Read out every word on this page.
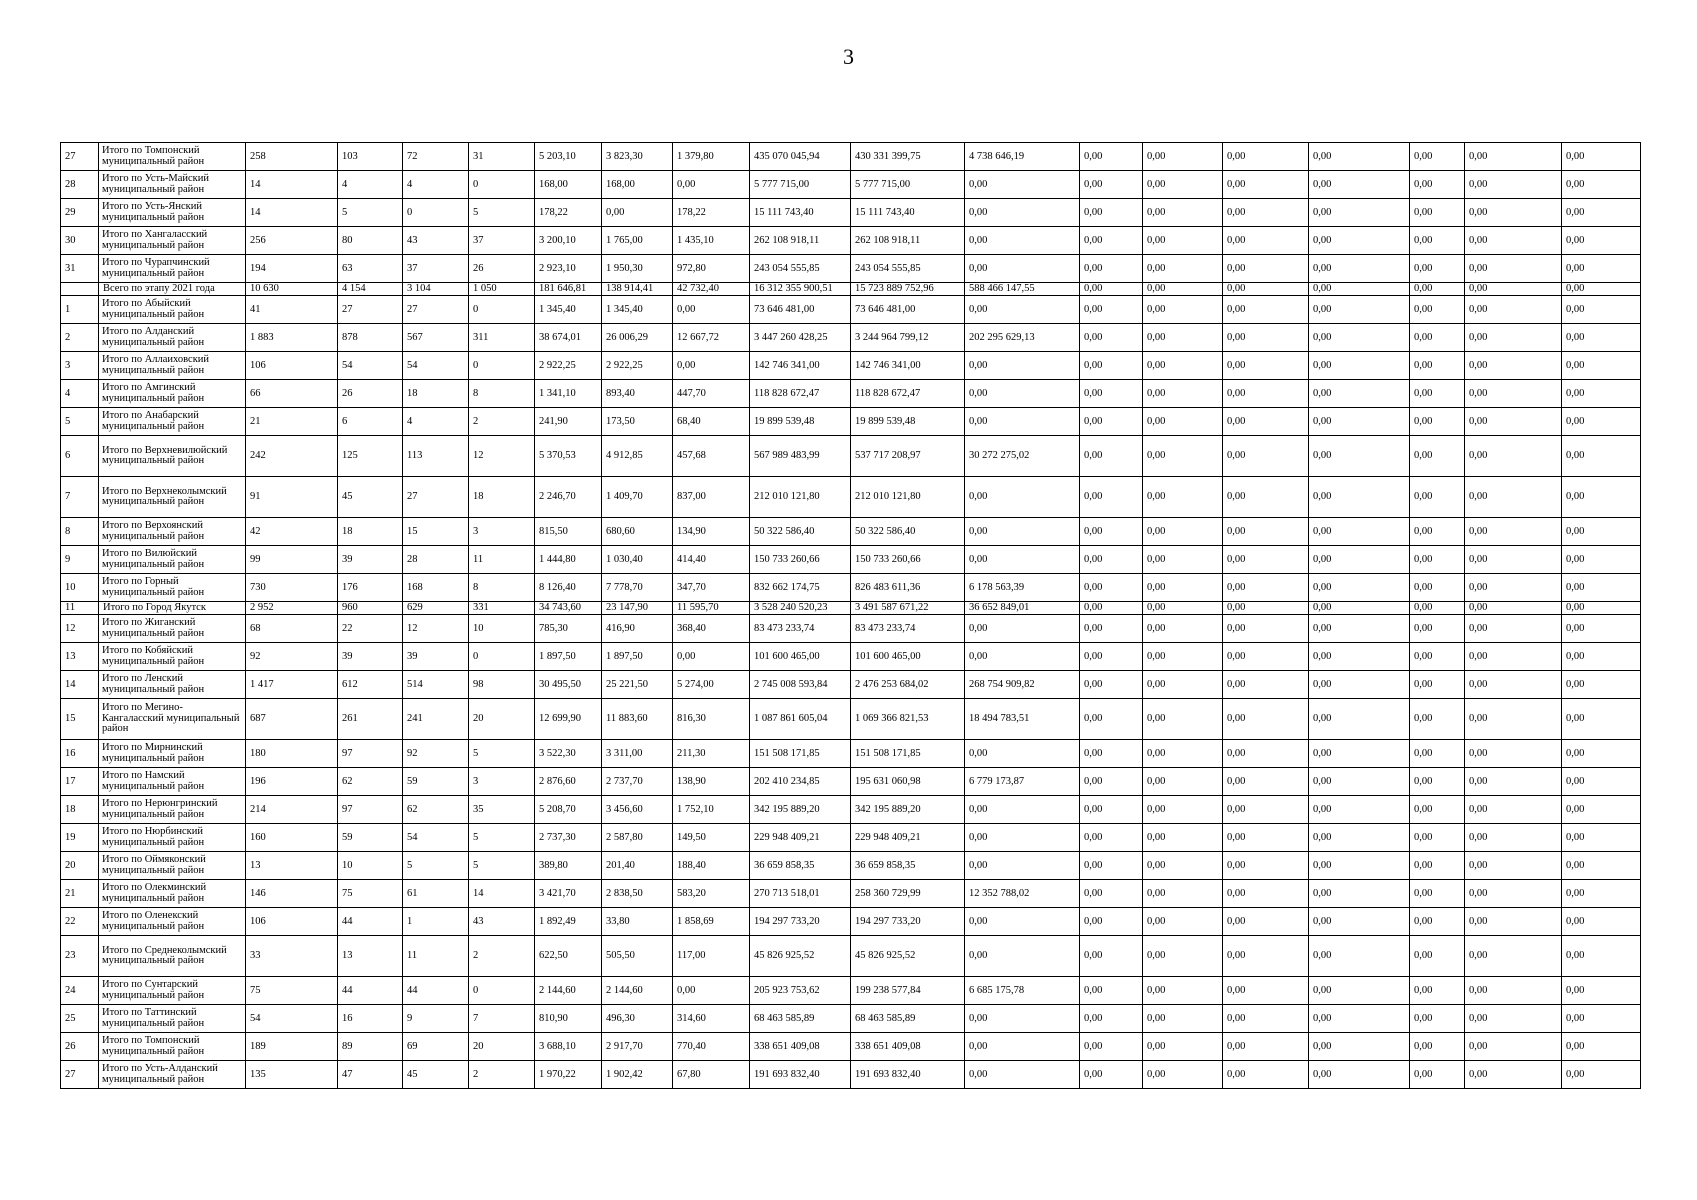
3
27	Итого по Томпонский муниципальный район	258	103	72	31	5 203,10	3 823,30	1 379,80	435 070 045,94	430 331 399,75	4 738 646,19	0,00	0,00	0,00	0,00	0,00	0,00	0,00
28	Итого по Усть-Майский муниципальный район	14	4	4	0	168,00	168,00	0,00	5 777 715,00	5 777 715,00	0,00	0,00	0,00	0,00	0,00	0,00	0,00	0,00
29	Итого по Усть-Янский муниципальный район	14	5	0	5	178,22	0,00	178,22	15 111 743,40	15 111 743,40	0,00	0,00	0,00	0,00	0,00	0,00	0,00	0,00
30	Итого по Хангаласский муниципальный район	256	80	43	37	3 200,10	1 765,00	1 435,10	262 108 918,11	262 108 918,11	0,00	0,00	0,00	0,00	0,00	0,00	0,00	0,00
31	Итого по Чурапчинский муниципальный район	194	63	37	26	2 923,10	1 950,30	972,80	243 054 555,85	243 054 555,85	0,00	0,00	0,00	0,00	0,00	0,00	0,00	0,00
	Всего по этапу 2021 года	10 630	4 154	3 104	1 050	181 646,81	138 914,41	42 732,40	16 312 355 900,51	15 723 889 752,96	588 466 147,55	0,00	0,00	0,00	0,00	0,00	0,00	0,00
1	Итого по Абыйский муниципальный район	41	27	27	0	1 345,40	1 345,40	0,00	73 646 481,00	73 646 481,00	0,00	0,00	0,00	0,00	0,00	0,00	0,00	0,00
2	Итого по Алданский муниципальный район	1 883	878	567	311	38 674,01	26 006,29	12 667,72	3 447 260 428,25	3 244 964 799,12	202 295 629,13	0,00	0,00	0,00	0,00	0,00	0,00	0,00
3	Итого по Аллаиховский муниципальный район	106	54	54	0	2 922,25	2 922,25	0,00	142 746 341,00	142 746 341,00	0,00	0,00	0,00	0,00	0,00	0,00	0,00	0,00
4	Итого по Амгинский муниципальный район	66	26	18	8	1 341,10	893,40	447,70	118 828 672,47	118 828 672,47	0,00	0,00	0,00	0,00	0,00	0,00	0,00	0,00
5	Итого по Анабарский муниципальный район	21	6	4	2	241,90	173,50	68,40	19 899 539,48	19 899 539,48	0,00	0,00	0,00	0,00	0,00	0,00	0,00	0,00
6	Итого по Верхневилюйский муниципальный район	242	125	113	12	5 370,53	4 912,85	457,68	567 989 483,99	537 717 208,97	30 272 275,02	0,00	0,00	0,00	0,00	0,00	0,00	0,00
7	Итого по Верхнеколымский муниципальный район	91	45	27	18	2 246,70	1 409,70	837,00	212 010 121,80	212 010 121,80	0,00	0,00	0,00	0,00	0,00	0,00	0,00	0,00
8	Итого по Верхоянский муниципальный район	42	18	15	3	815,50	680,60	134,90	50 322 586,40	50 322 586,40	0,00	0,00	0,00	0,00	0,00	0,00	0,00	0,00
9	Итого по Вилюйский муниципальный район	99	39	28	11	1 444,80	1 030,40	414,40	150 733 260,66	150 733 260,66	0,00	0,00	0,00	0,00	0,00	0,00	0,00	0,00
10	Итого по Горный муниципальный район	730	176	168	8	8 126,40	7 778,70	347,70	832 662 174,75	826 483 611,36	6 178 563,39	0,00	0,00	0,00	0,00	0,00	0,00	0,00
11	Итого по Город Якутск	2 952	960	629	331	34 743,60	23 147,90	11 595,70	3 528 240 520,23	3 491 587 671,22	36 652 849,01	0,00	0,00	0,00	0,00	0,00	0,00	0,00
12	Итого по Жиганский муниципальный район	68	22	12	10	785,30	416,90	368,40	83 473 233,74	83 473 233,74	0,00	0,00	0,00	0,00	0,00	0,00	0,00	0,00
13	Итого по Кобяйский муниципальный район	92	39	39	0	1 897,50	1 897,50	0,00	101 600 465,00	101 600 465,00	0,00	0,00	0,00	0,00	0,00	0,00	0,00	0,00
14	Итого по Ленский муниципальный район	1 417	612	514	98	30 495,50	25 221,50	5 274,00	2 745 008 593,84	2 476 253 684,02	268 754 909,82	0,00	0,00	0,00	0,00	0,00	0,00	0,00
15	Итого по Мегино-Кангаласский муниципальный район	687	261	241	20	12 699,90	11 883,60	816,30	1 087 861 605,04	1 069 366 821,53	18 494 783,51	0,00	0,00	0,00	0,00	0,00	0,00	0,00
16	Итого по Мирнинский муниципальный район	180	97	92	5	3 522,30	3 311,00	211,30	151 508 171,85	151 508 171,85	0,00	0,00	0,00	0,00	0,00	0,00	0,00	0,00
17	Итого по Намский муниципальный район	196	62	59	3	2 876,60	2 737,70	138,90	202 410 234,85	195 631 060,98	6 779 173,87	0,00	0,00	0,00	0,00	0,00	0,00	0,00
18	Итого по Нерюнгринский муниципальный район	214	97	62	35	5 208,70	3 456,60	1 752,10	342 195 889,20	342 195 889,20	0,00	0,00	0,00	0,00	0,00	0,00	0,00	0,00
19	Итого по Нюрбинский муниципальный район	160	59	54	5	2 737,30	2 587,80	149,50	229 948 409,21	229 948 409,21	0,00	0,00	0,00	0,00	0,00	0,00	0,00	0,00
20	Итого по Оймяконский муниципальный район	13	10	5	5	389,80	201,40	188,40	36 659 858,35	36 659 858,35	0,00	0,00	0,00	0,00	0,00	0,00	0,00	0,00
21	Итого по Олекминский муниципальный район	146	75	61	14	3 421,70	2 838,50	583,20	270 713 518,01	258 360 729,99	12 352 788,02	0,00	0,00	0,00	0,00	0,00	0,00	0,00
22	Итого по Оленекский муниципальный район	106	44	1	43	1 892,49	33,80	1 858,69	194 297 733,20	194 297 733,20	0,00	0,00	0,00	0,00	0,00	0,00	0,00	0,00
23	Итого по Среднеколымский муниципальный район	33	13	11	2	622,50	505,50	117,00	45 826 925,52	45 826 925,52	0,00	0,00	0,00	0,00	0,00	0,00	0,00	0,00
24	Итого по Сунтарский муниципальный район	75	44	44	0	2 144,60	2 144,60	0,00	205 923 753,62	199 238 577,84	6 685 175,78	0,00	0,00	0,00	0,00	0,00	0,00	0,00
25	Итого по Таттинский муниципальный район	54	16	9	7	810,90	496,30	314,60	68 463 585,89	68 463 585,89	0,00	0,00	0,00	0,00	0,00	0,00	0,00	0,00
26	Итого по Томпонский муниципальный район	189	89	69	20	3 688,10	2 917,70	770,40	338 651 409,08	338 651 409,08	0,00	0,00	0,00	0,00	0,00	0,00	0,00	0,00
27	Итого по Усть-Алданский муниципальный район	135	47	45	2	1 970,22	1 902,42	67,80	191 693 832,40	191 693 832,40	0,00	0,00	0,00	0,00	0,00	0,00	0,00	0,00
